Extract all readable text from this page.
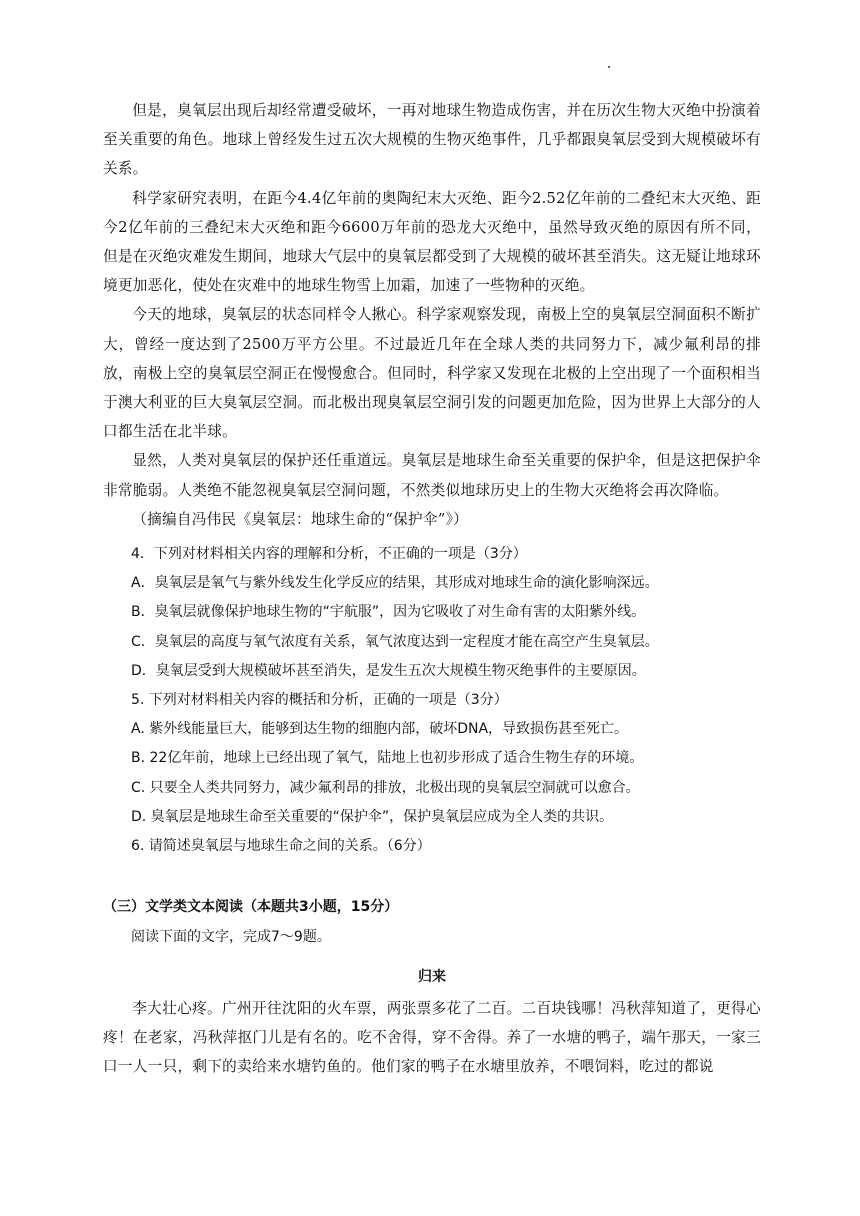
但是，臭氧层出现后却经常遭受破坏，一再对地球生物造成伤害，并在历次生物大灭绝中扮演着至关重要的角色。地球上曾经发生过五次大规模的生物灭绝事件，几乎都跟臭氧层受到大规模破坏有关系。

科学家研究表明，在距今4.4亿年前的奥陶纪末大灭绝、距今2.52亿年前的二叠纪末大灭绝、距今2亿年前的三叠纪末大灭绝和距今6600万年前的恐龙大灭绝中，虽然导致灭绝的原因有所不同，但是在灭绝灾难发生期间，地球大气层中的臭氧层都受到了大规模的破坏甚至消失。这无疑让地球环境更加恶化，使处在灾难中的地球生物雪上加霜，加速了一些物种的灭绝。

今天的地球，臭氧层的状态同样令人揪心。科学家观察发现，南极上空的臭氧层空洞面积不断扩大，曾经一度达到了2500万平方公里。不过最近几年在全球人类的共同努力下，减少氟利昂的排放，南极上空的臭氧层空洞正在慢慢愈合。但同时，科学家又发现在北极的上空出现了一个面积相当于澳大利亚的巨大臭氧层空洞。而北极出现臭氧层空洞引发的问题更加危险，因为世界上大部分的人口都生活在北半球。

显然，人类对臭氧层的保护还任重道远。臭氧层是地球生命至关重要的保护伞，但是这把保护伞非常脆弱。人类绝不能忽视臭氧层空洞问题，不然类似地球历史上的生物大灭绝将会再次降临。

（摘编自冯伟民《臭氧层：地球生命的“保护伞”》）

4．下列对材料相关内容的理解和分析，不正确的一项是（3分）
A．臭氧层是氧气与紫外线发生化学反应的结果，其形成对地球生命的演化影响深远。
B．臭氧层就像保护地球生物的“宇航服”，因为它吸收了对生命有害的太阳紫外线。
C．臭氧层的高度与氧气浓度有关系，氧气浓度达到一定程度才能在高空产生臭氧层。
D．臭氧层受到大规模破坏甚至消失，是发生五次大规模生物灭绝事件的主要原因。
5. 下列对材料相关内容的概括和分析，正确的一项是（3分）
A. 紫外线能量巨大，能够到达生物的细胞内部，破坏DNA，导致损伤甚至死亡。
B. 22亿年前，地球上已经出现了氧气，陆地上也初步形成了适合生物生存的环境。
C. 只要全人类共同努力，减少氟利昂的排放，北极出现的臭氧层空洞就可以愈合。
D. 臭氧层是地球生命至关重要的“保护伞”，保护臭氧层应成为全人类的共识。
6. 请简述臭氧层与地球生命之间的关系。（6分）

（三）文学类文本阅读（本题共3小题，15分）

阅读下面的文字，完成7～9题。

归来

李大壮心疼。广州开往沈阳的火车票，两张票多花了二百。二百块钱哪！冯秋萍知道了，更得心疼！在老家，冯秋萍抠门儿是有名的。吃不舍得，穿不舍得。养了一水塘的鸭子，端午那天，一家三口一人一只，剩下的卖给来水塘钓鱼的。他们家的鸭子在水塘里放养，不喂饲料，吃过的都说
